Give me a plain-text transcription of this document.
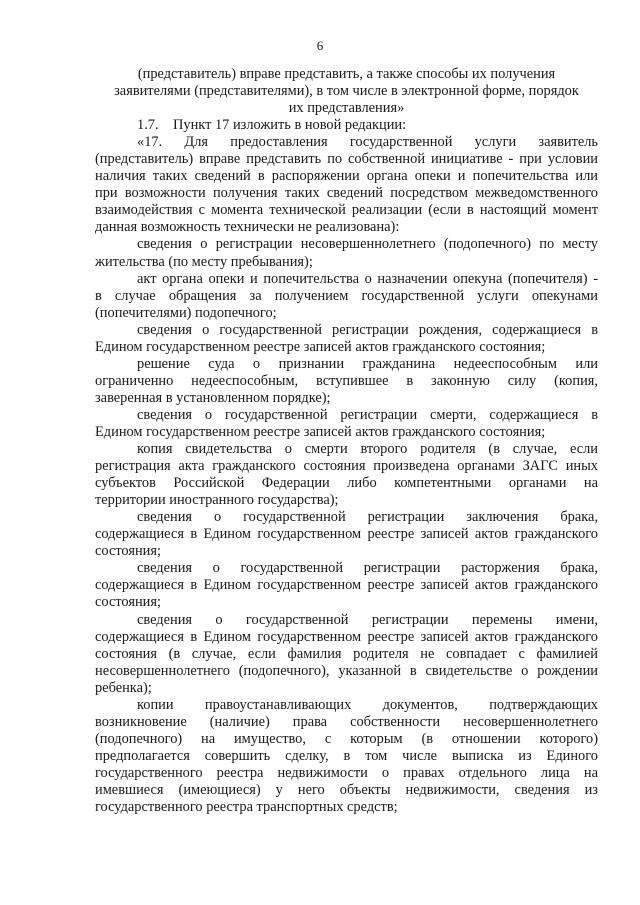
6
(представитель) вправе представить, а также способы их получения
заявителями (представителями), в том числе в электронной форме, порядок
их представления»

1.7.    Пункт 17 изложить в новой редакции:

«17. Для предоставления государственной услуги заявитель
(представитель) вправе представить по собственной инициативе - при условии
наличия таких сведений в распоряжении органа опеки и попечительства или
при возможности получения таких сведений посредством межведомственного
взаимодействия с момента технической реализации (если в настоящий момент
данная возможность технически не реализована):
сведения о регистрации несовершеннолетнего (подопечного) по месту
жительства (по месту пребывания);
акт органа опеки и попечительства о назначении опекуна (попечителя) -
в случае обращения за получением государственной услуги опекунами
(попечителями) подопечного;
сведения о государственной регистрации рождения, содержащиеся в
Едином государственном реестре записей актов гражданского состояния;
решение суда о признании гражданина недееспособным или
ограниченно недееспособным, вступившее в законную силу (копия,
заверенная в установленном порядке);
сведения о государственной регистрации смерти, содержащиеся в
Едином государственном реестре записей актов гражданского состояния;
копия свидетельства о смерти второго родителя (в случае, если
регистрация акта гражданского состояния произведена органами ЗАГС иных
субъектов Российской Федерации либо компетентными органами на
территории иностранного государства);
сведения о государственной регистрации заключения брака,
содержащиеся в Едином государственном реестре записей актов гражданского
состояния;
сведения о государственной регистрации расторжения брака,
содержащиеся в Едином государственном реестре записей актов гражданского
состояния;
сведения о государственной регистрации перемены имени,
содержащиеся в Едином государственном реестре записей актов гражданского
состояния (в случае, если фамилия родителя не совпадает с фамилией
несовершеннолетнего (подопечного), указанной в свидетельстве о рождении
ребенка);
копии правоустанавливающих документов, подтверждающих
возникновение (наличие) права собственности несовершеннолетнего
(подопечного) на имущество, с которым (в отношении которого)
предполагается совершить сделку, в том числе выписка из Единого
государственного реестра недвижимости о правах отдельного лица на
имевшиеся (имеющиеся) у него объекты недвижимости, сведения из
государственного реестра транспортных средств;
